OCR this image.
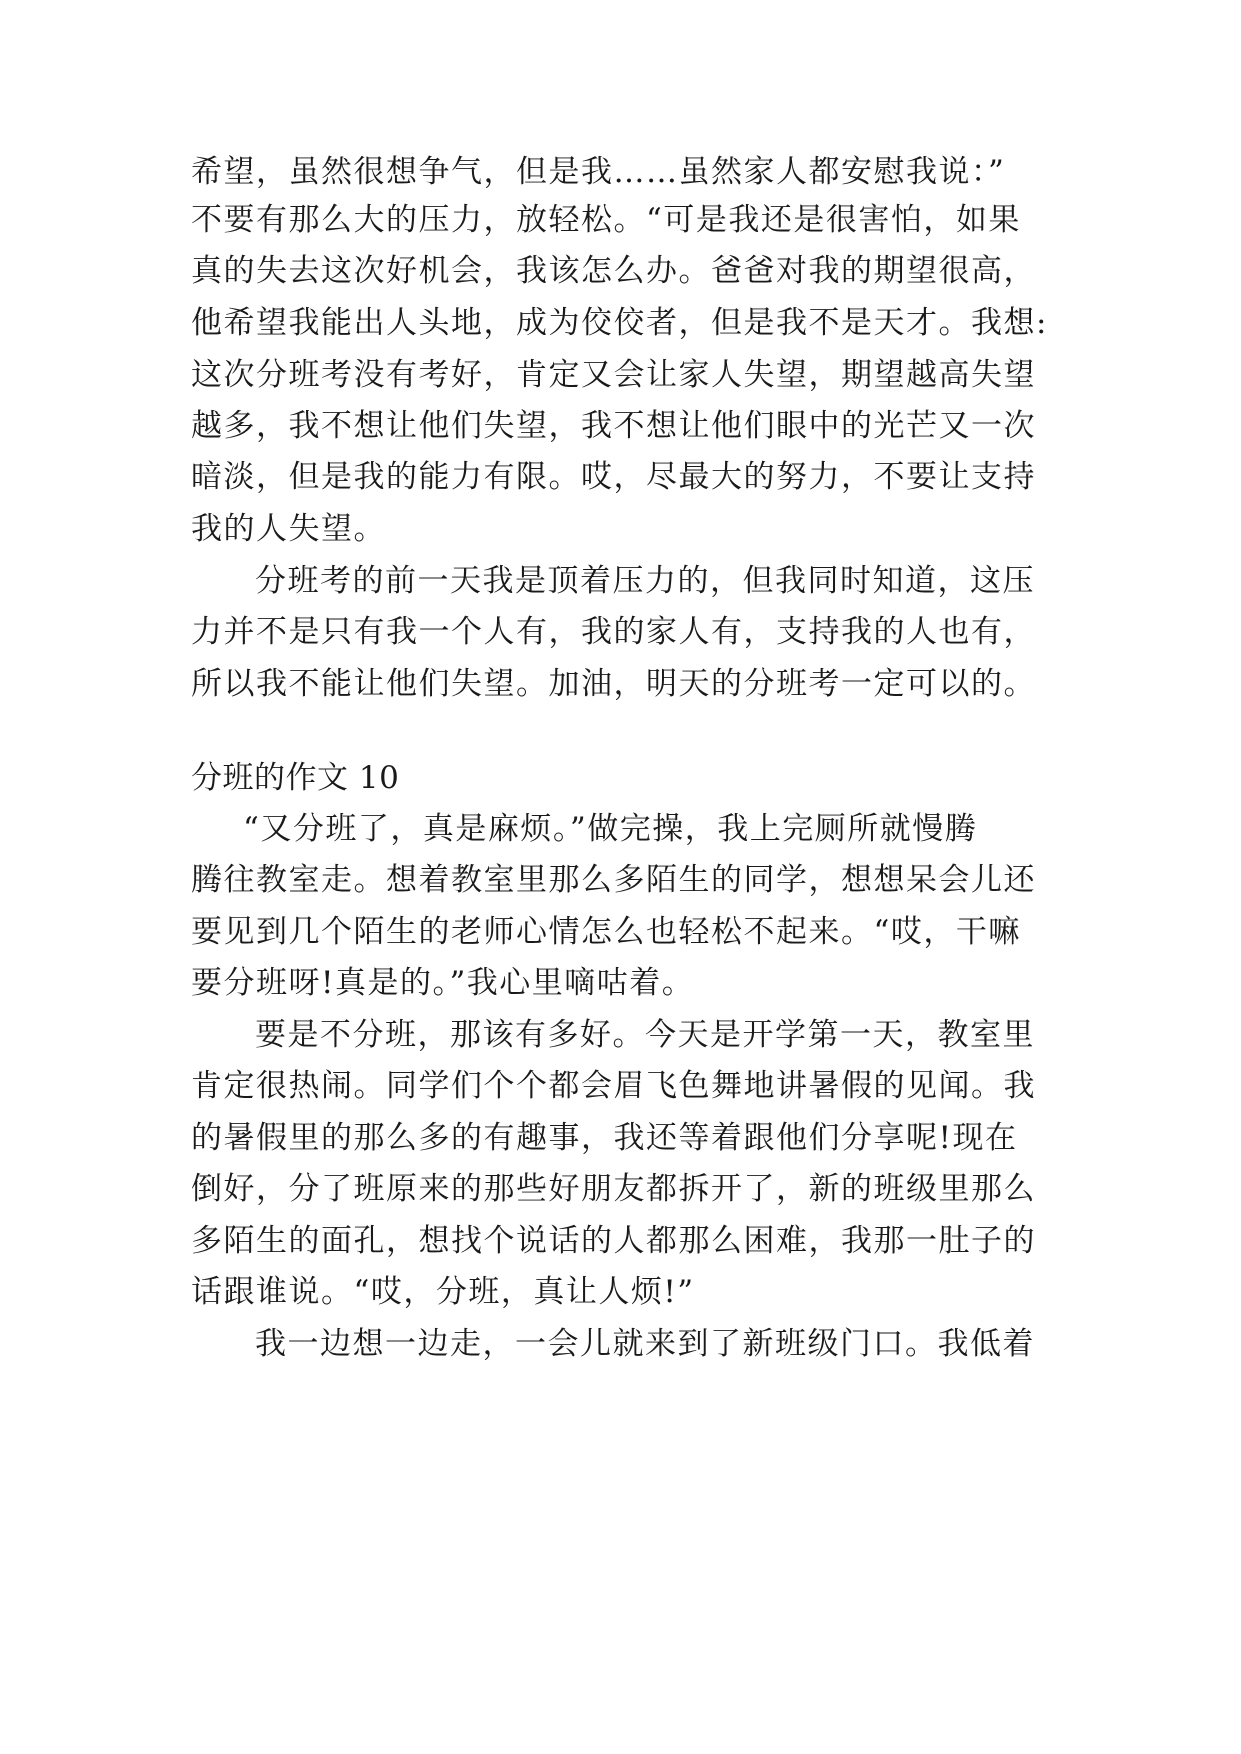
希望，虽然很想争气，但是我……虽然家人都安慰我说：”
不要有那么大的压力，放轻松。“可是我还是很害怕，如果
真的失去这次好机会，我该怎么办。爸爸对我的期望很高，
他希望我能出人头地，成为佼佼者，但是我不是天才。我想:
这次分班考没有考好，肯定又会让家人失望，期望越高失望
越多，我不想让他们失望，我不想让他们眼中的光芒又一次
暗淡，但是我的能力有限。哎，尽最大的努力，不要让支持
我的人失望。
分班考的前一天我是顶着压力的，但我同时知道，这压
力并不是只有我一个人有，我的家人有，支持我的人也有，
所以我不能让他们失望。加油，明天的分班考一定可以的。
分班的作文 10
“又分班了，真是麻烦。”做完操，我上完厕所就慢腾
腾往教室走。想着教室里那么多陌生的同学，想想呆会儿还
要见到几个陌生的老师心情怎么也轻松不起来。“哎，干嘛
要分班呀!真是的。”我心里嘀咕着。
要是不分班，那该有多好。今天是开学第一天，教室里
肯定很热闹。同学们个个都会眉飞色舞地讲暑假的见闻。我
的暑假里的那么多的有趣事，我还等着跟他们分享呢!现在
倒好，分了班原来的那些好朋友都拆开了，新的班级里那么
多陌生的面孔，想找个说话的人都那么困难，我那一肚子的
话跟谁说。“哎，分班，真让人烦!”
我一边想一边走，一会儿就来到了新班级门口。我低着
